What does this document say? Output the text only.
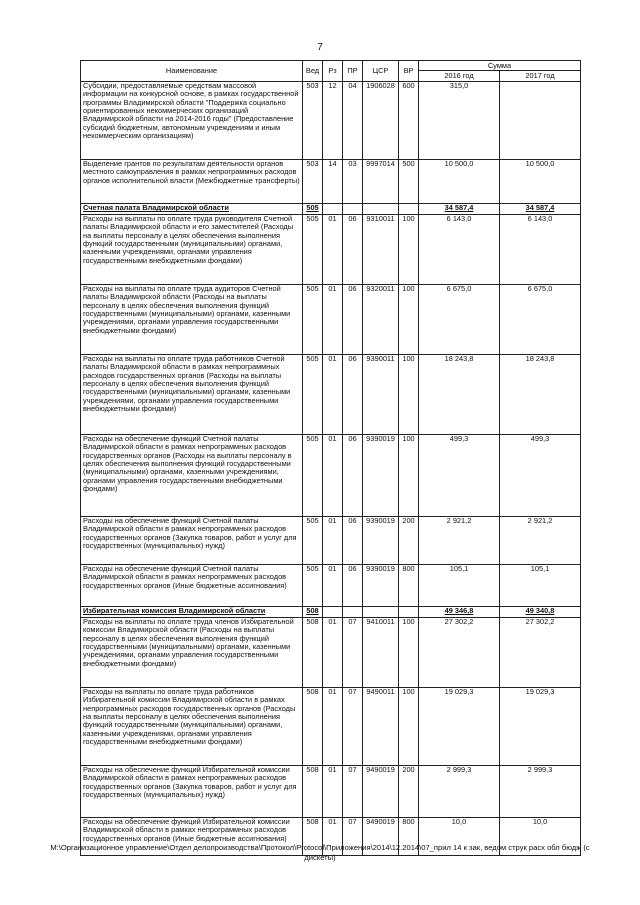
7
Наименование	Вед	Рз	ПР	ЦСР	ВР	Сумма	
						2016 год	2017 год
Субсидии, предоставляемые средствам массовой информации на конкурсной основе, в рамках государственной программы Владимирской области "Поддержка социально ориентированных некоммерческих организаций Владимирской области на 2014-2016 годы" (Предоставление субсидий бюджетным, автономным учреждениям и иным некоммерческим организациям)	503	12	04	1906028	600	315,0	
Выделение грантов по результатам деятельности органов местного самоуправления в рамках непрограммных расходов органов исполнительной власти (Межбюджетные трансферты)	503	14	03	9997014	500	10 500,0	10 500,0
Счетная палата Владимирской области	505					34 587,4	34 587,4
Расходы на выплаты по оплате труда руководителя Счетной палаты Владимирской области и его заместителей (Расходы на выплаты персоналу в целях обеспечения выполнения функций государственными (муниципальными) органами, казенными учреждениями, органами управления государственными внебюджетными фондами)	505	01	06	9310011	100	6 143,0	6 143,0
Расходы на выплаты по оплате труда аудиторов Счетной палаты Владимирской области (Расходы на выплаты персоналу в целях обеспечения выполнения функций государственными (муниципальными) органами, казенными учреждениями, органами управления государственными внебюджетными фондами)	505	01	06	9320011	100	6 675,0	6 675,0
Расходы на выплаты по оплате труда работников Счетной палаты Владимирской области в рамках непрограммных расходов государственных органов (Расходы на выплаты персоналу в целях обеспечения выполнения функций государственными (муниципальными) органами, казенными учреждениями, органами управления государственными внебюджетными фондами)	505	01	06	9390011	100	18 243,8	18 243,8
Расходы на обеспечение функций Счетной палаты Владимирской области в рамках непрограммных расходов государственных органов (Расходы на выплаты персоналу в целях обеспечения выполнения функций государственными (муниципальными) органами, казенными учреждениями, органами управления государственными внебюджетными фондами)	505	01	06	9390019	100	499,3	499,3
Расходы на обеспечение функций Счетной палаты Владимирской области в рамках непрограммных расходов государственных органов (Закупка товаров, работ и услуг для государственных (муниципальных) нужд)	505	01	06	9390019	200	2 921,2	2 921,2
Расходы на обеспечение функций Счетной палаты Владимирской области в рамках непрограммных расходов государственных органов (Иные бюджетные ассигнования)	505	01	06	9390019	800	105,1	105,1
Избирательная комиссия Владимирской области	508					49 346,8	49 340,8
Расходы на выплаты по оплате труда членов Избирательной комиссии Владимирской области (Расходы на выплаты персоналу в целях обеспечения выполнения функций государственными (муниципальными) органами, казенными учреждениями, органами управления государственными внебюджетными фондами)	508	01	07	9410011	100	27 302,2	27 302,2
Расходы на выплаты по оплате труда работников Избирательной комиссии Владимирской области в рамках непрограммных расходов государственных органов (Расходы на выплаты персоналу в целях обеспечения выполнения функций государственными (муниципальными) органами, казенными учреждениями, органами управления государственными внебюджетными фондами)	508	01	07	9490011	100	19 029,3	19 029,3
Расходы на обеспечение функций Избирательной комиссии Владимирской области в рамках непрограммных расходов государственных органов (Закупка товаров, работ и услуг для государственных (муниципальных) нужд)	508	01	07	9490019	200	2 999,3	2 999,3
Расходы на обеспечение функций Избирательной комиссии Владимирской области в рамках непрограммных расходов государственных органов (Иные бюджетные ассигнования)	508	01	07	9490019	800	10,0	10,0
M:\Организационное управление\Отдел делопроизводства\Протокол\Protocol\Приложения\2014\12.2014\07_прил 14 к зак, ведом струк расх обл бюдж (с дискеты)
